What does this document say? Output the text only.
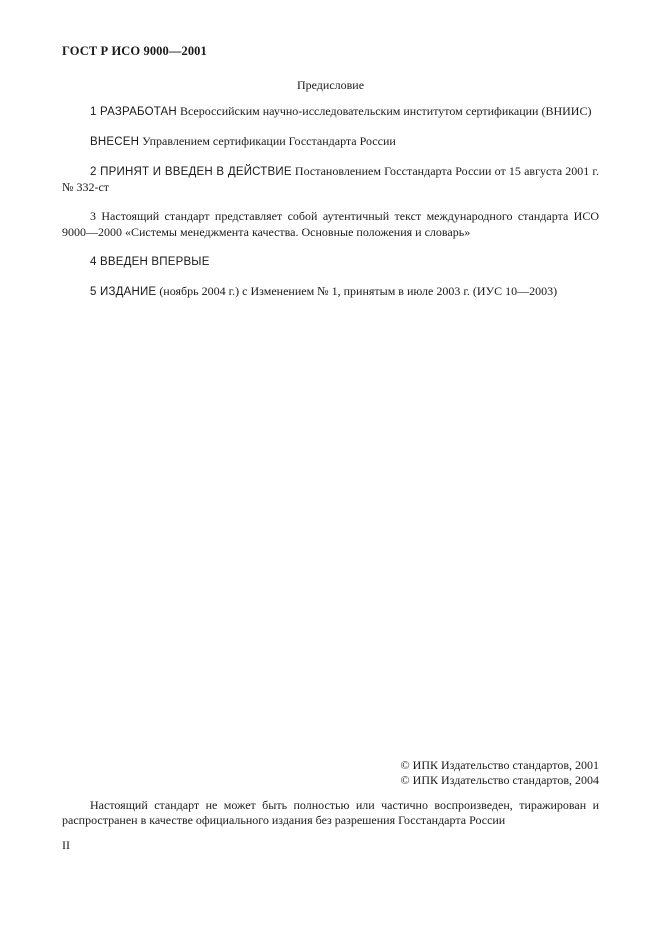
ГОСТ Р ИСО 9000—2001
Предисловие

1 РАЗРАБОТАН Всероссийским научно-исследовательским институтом сертификации (ВНИИС)

ВНЕСЕН Управлением сертификации Госстандарта России

2 ПРИНЯТ И ВВЕДЕН В ДЕЙСТВИЕ Постановлением Госстандарта России от 15 августа 2001 г. № 332-ст

3 Настоящий стандарт представляет собой аутентичный текст международного стандарта ИСО 9000—2000 «Системы менеджмента качества. Основные положения и словарь»

4 ВВЕДЕН ВПЕРВЫЕ

5 ИЗДАНИЕ (ноябрь 2004 г.) с Изменением № 1, принятым в июле 2003 г. (ИУС 10—2003)

© ИПК Издательство стандартов, 2001
© ИПК Издательство стандартов, 2004

Настоящий стандарт не может быть полностью или частично воспроизведен, тиражирован и распространен в качестве официального издания без разрешения Госстандарта России

II
